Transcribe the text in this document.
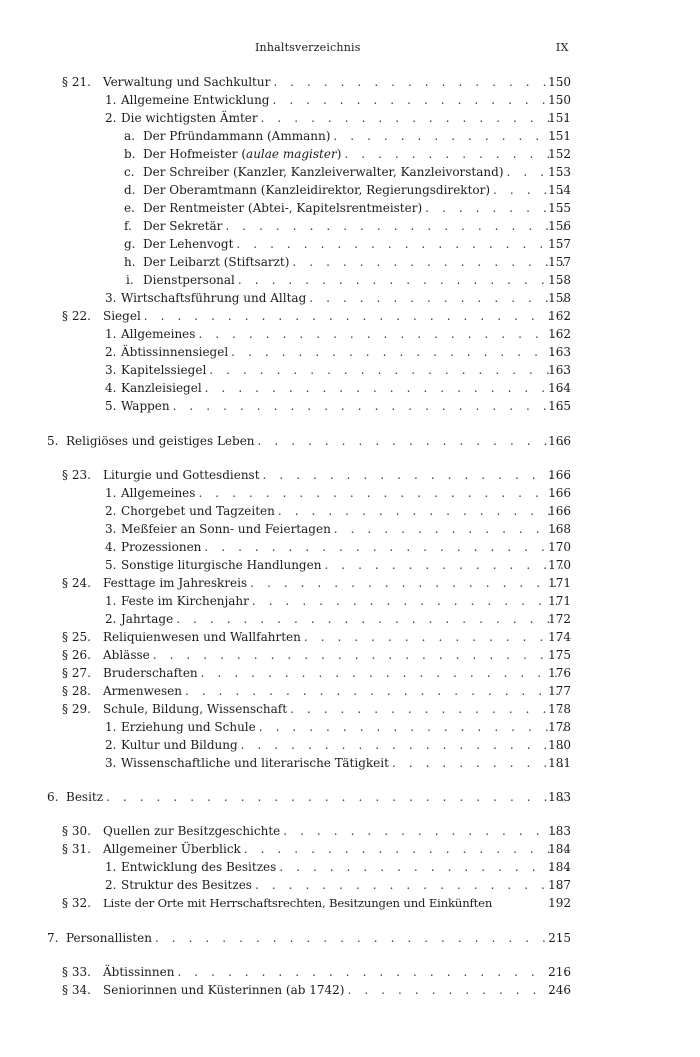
Inhaltsverzeichnis	IX
§ 21. Verwaltung und Sachkultur . . .	150
1. Allgemeine Entwicklung . . .	150
2. Die wichtigsten Ämter . . .	151
a. Der Pfründammann (Ammann) . . .	151
b. Der Hofmeister (aulae magister) . . .	152
c. Der Schreiber (Kanzler, Kanzleiverwalter, Kanzleivorstand) . . .	153
d. Der Oberamtmann (Kanzleidirektor, Regierungsdirektor) . . .	154
e. Der Rentmeister (Abtei-, Kapitelsrentmeister) . . .	155
f. Der Sekretär . . .	156
g. Der Lehenvogt . . .	157
h. Der Leibarzt (Stiftsarzt) . . .	157
i. Dienstpersonal . . .	158
3. Wirtschaftsführung und Alltag . . .	158
§ 22. Siegel . . .	162
1. Allgemeines . . .	162
2. Äbtissinnensiegel . . .	163
3. Kapitelssiegel . . .	163
4. Kanzleisiegel . . .	164
5. Wappen . . .	165
5. Religiöses und geistiges Leben . . .	166
§ 23. Liturgie und Gottesdienst . . .	166
1. Allgemeines . . .	166
2. Chorgebet und Tagzeiten . . .	166
3. Meßfeier an Sonn- und Feiertagen . . .	168
4. Prozessionen . . .	170
5. Sonstige liturgische Handlungen . . .	170
§ 24. Festtage im Jahreskreis . . .	171
1. Feste im Kirchenjahr . . .	171
2. Jahrtage . . .	172
§ 25. Reliquienwesen und Wallfahrten . . .	174
§ 26. Ablässe . . .	175
§ 27. Bruderschaften . . .	176
§ 28. Armenwesen . . .	177
§ 29. Schule, Bildung, Wissenschaft . . .	178
1. Erziehung und Schule . . .	178
2. Kultur und Bildung . . .	180
3. Wissenschaftliche und literarische Tätigkeit . . .	181
6. Besitz . . .	183
§ 30. Quellen zur Besitzgeschichte . . .	183
§ 31. Allgemeiner Überblick . . .	184
1. Entwicklung des Besitzes . . .	184
2. Struktur des Besitzes . . .	187
§ 32. Liste der Orte mit Herrschaftsrechten, Besitzungen und Einkünften	192
7. Personallisten . . .	215
§ 33. Äbtissinnen . . .	216
§ 34. Seniorinnen und Küsterinnen (ab 1742) . . .	246
